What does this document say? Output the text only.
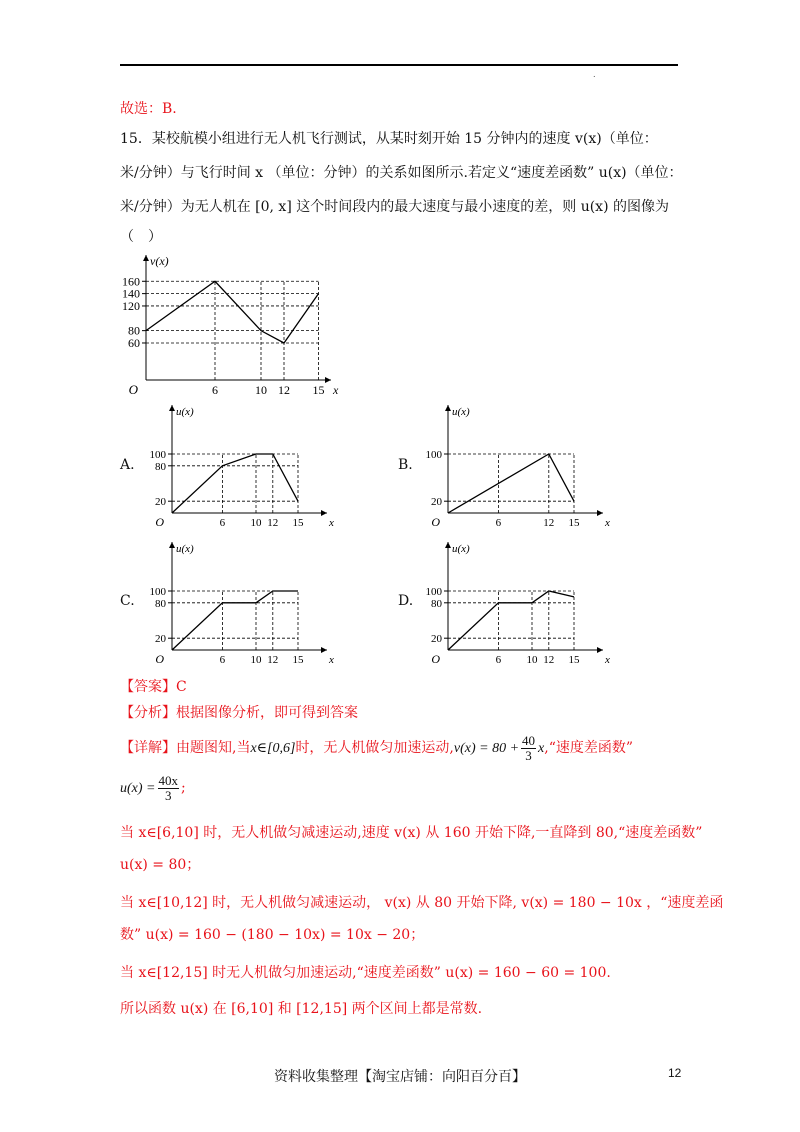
.
故选：B.
15．某校航模小组进行无人机飞行测试，从某时刻开始 15 分钟内的速度 v(x)（单位：
米/分钟）与飞行时间 x （单位：分钟）的关系如图所示.若定义“速度差函数” u(x)（单位：
米/分钟）为无人机在 [0, x] 这个时间段内的最大速度与最小速度的差，则 u(x) 的图像为
（　）
6	10 12 15
160
140
120
80
60
v(x)
x
O
A.
6 10 12 15
100
80
20
u(x)
x
O
B.
6	12 15
100
20
u(x)
x
O
C.
6 10 12 15
100
80
20
u(x)
x
O
D.
6 10 12 15
100
80
20
u(x)
x
O
【答案】C
【分析】根据图像分析，即可得到答案
【详解】由题图知,当x∈[0,6]时，无人机做匀加速运动$,v(x) = 80 + \frac{40}{3}$ x,“速度差函数”
$u(x) = \frac{40x}{3}$ ;
当 x∈[6,10] 时，无人机做匀减速运动,速度 v(x) 从 160 开始下降,一直降到 80,“速度差函数”
u(x) = 80；
当 x∈[10,12] 时，无人机做匀减速运动， v(x) 从 80 开始下降, v(x) = 180 − 10x ，“速度差函
数” u(x) = 160 − (180 − 10x) = 10x − 20；
当 x∈[12,15] 时无人机做匀加速运动,“速度差函数” u(x) = 160 − 60 = 100.
所以函数 u(x) 在 [6,10] 和 [12,15] 两个区间上都是常数.
资料收集整理【淘宝店铺：向阳百分百】	12
